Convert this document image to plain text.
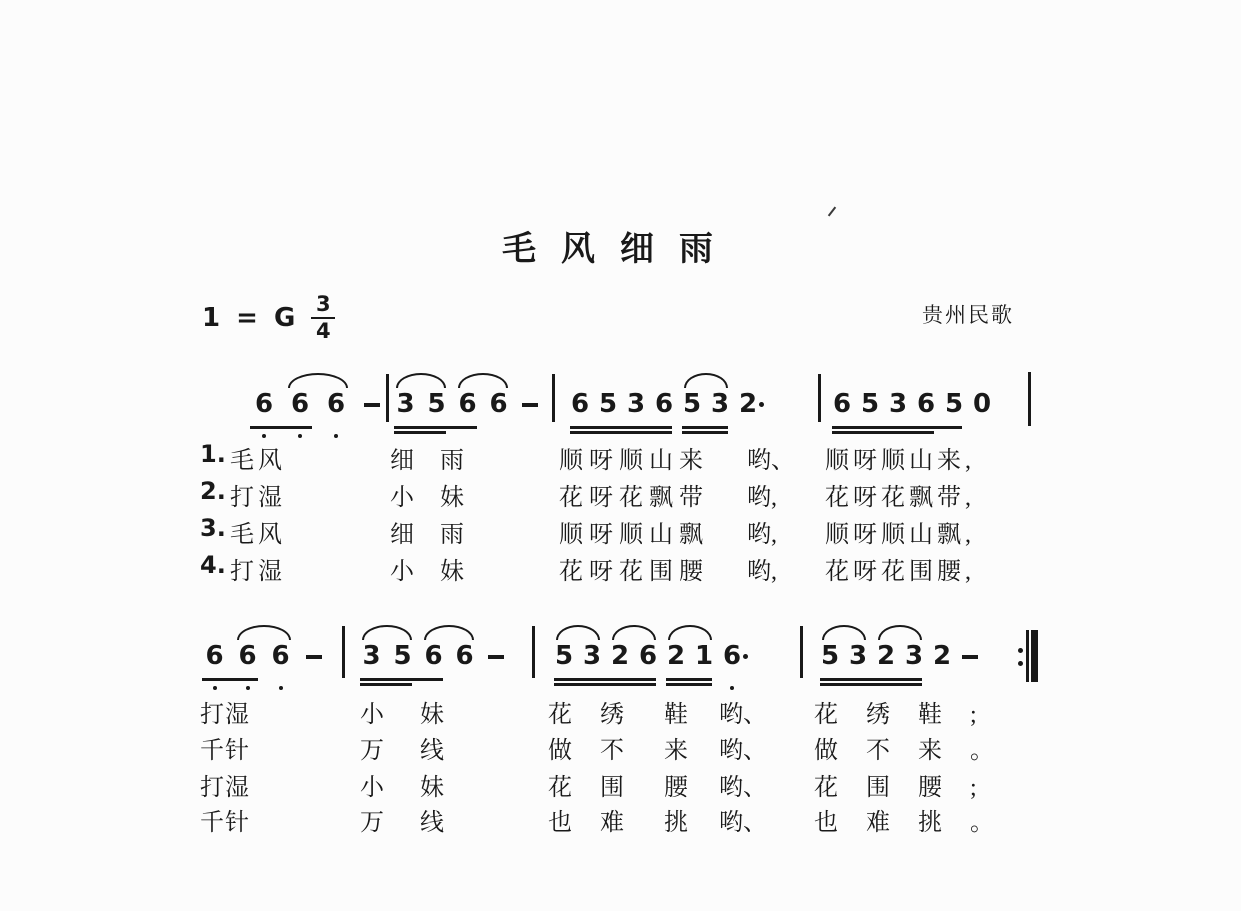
毛风细雨
1 = G $\frac{3}{4}$	贵州民歌
6 6 6	3 5 6 6	6 5 3 6 5 3 2	6 5 3 6 5 0
6 6 6	3 5 6 6	5 3 2 6 2 1 6	5 3 2 3 2
1. 毛风	细 雨	顺呀顺山来 哟、 顺呀顺山来,
2. 打湿	小 妹	花呀花飘带 哟, 花呀花飘带,
3. 毛风	细 雨	顺呀顺山飘 哟, 顺呀顺山飘,
4. 打湿	小 妹	花呀花围腰 哟, 花呀花围腰,
打湿	小 妹	花 绣 鞋 哟、 花绣鞋;
千针	万 线	做 不 来 哟、 做不来。
打湿	小 妹	花 围 腰 哟、 花围腰;
千针	万 线	也 难 挑 哟、 也难挑。
